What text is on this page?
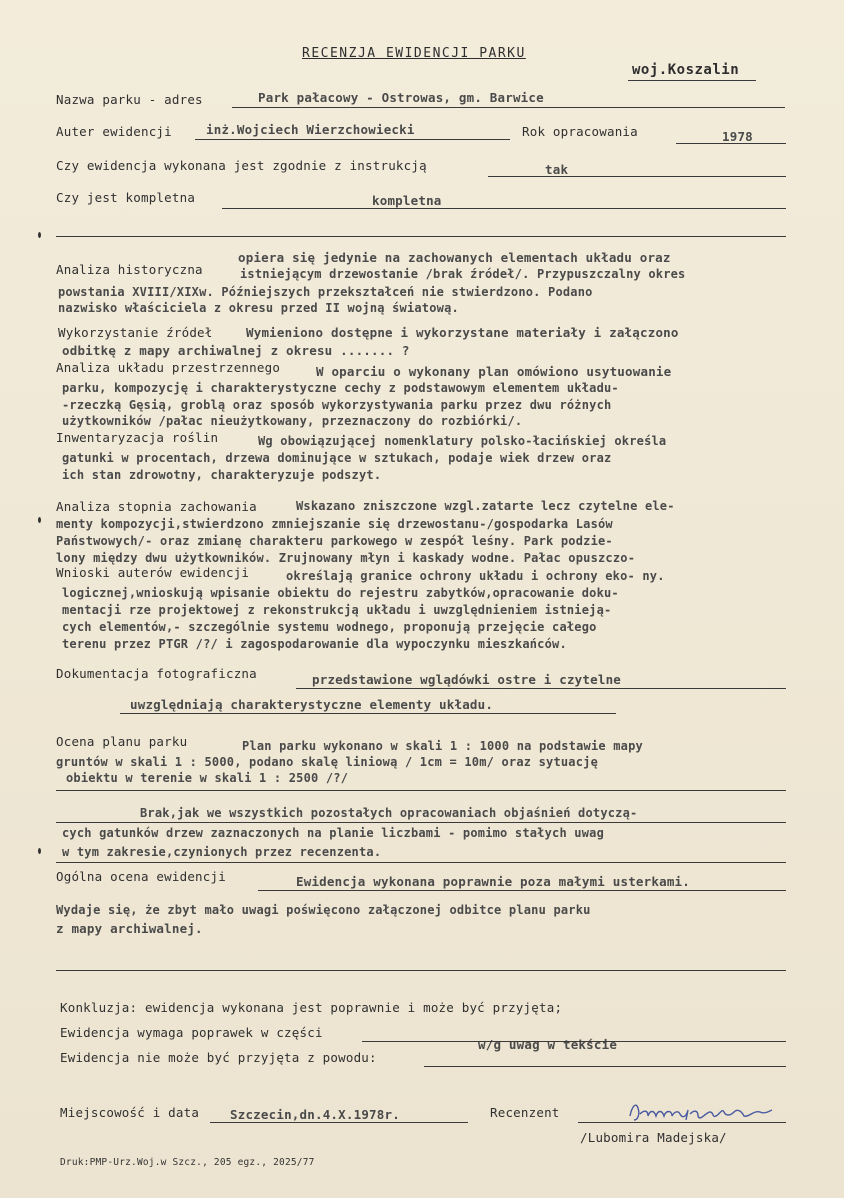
RECENZJA EWIDENCJI PARKU
woj.Koszalin
Nazwa parku - adres	Park pałacowy - Ostrowas, gm. Barwice
Auter ewidencji	inż.Wojciech Wierzchowiecki	Rok opracowania	1978
Czy ewidencja wykonana jest zgodnie z instrukcją	tak
Czy jest kompletna	kompletna
Analiza historyczna
opiera się jedynie na zachowanych elementach układu oraz
istniejącym drzewostanie /brak źródeł/. Przypuszczalny okres
powstania XVIII/XIXw. Późniejszych przekształceń nie stwierdzono. Podano
nazwisko właściciela z okresu przed II wojną światową.
Wykorzystanie źródeł	Wymieniono dostępne i wykorzystane materiały i załączono
odbitkę z mapy archiwalnej z okresu ....... ?
Analiza układu przestrzennego	W oparciu o wykonany plan omówiono usytuowanie
parku, kompozycję i charakterystyczne cechy z podstawowym elementem układu-
-rzeczką Gęsią, groblą oraz sposób wykorzystywania parku przez dwu różnych
użytkowników /pałac nieużytkowany, przeznaczony do rozbiórki/.
Inwentaryzacja roślin	Wg obowiązującej nomenklatury polsko-łacińskiej określa
gatunki w procentach, drzewa dominujące w sztukach, podaje wiek drzew oraz
ich stan zdrowotny, charakteryzuje podszyt.
Analiza stopnia zachowania	Wskazano zniszczone wzgl.zatarte lecz czytelne ele-
menty kompozycji,stwierdzono zmniejszanie się drzewostanu-/gospodarka Lasów
Państwowych/- oraz zmianę charakteru parkowego w zespół leśny. Park podzie-
lony między dwu użytkowników. Zrujnowany młyn i kaskady wodne. Pałac opuszczo-
Wnioski auterów ewidencji	określają granice ochrony układu i ochrony eko- ny.
logicznej,wnioskują wpisanie obiektu do rejestru zabytków,opracowanie doku-
mentacji rze projektowej z rekonstrukcją układu i uwzględnieniem istnieją-
cych elementów,- szczególnie systemu wodnego, proponują przejęcie całego
terenu przez PTGR /?/ i zagospodarowanie dla wypoczynku mieszkańców.
Dokumentacja fotograficzna	przedstawione wglądówki ostre i czytelne
uwzględniają charakterystyczne elementy układu.
Ocena planu parku	Plan parku wykonano w skali 1 : 1000 na podstawie mapy
gruntów w skali 1 : 5000, podano skalę liniową / 1cm = 10m/ oraz sytuację
obiektu w terenie w skali 1 : 2500 /?/
Brak,jak we wszystkich pozostałych opracowaniach objaśnień dotyczą-
cych gatunków drzew zaznaczonych na planie liczbami - pomimo stałych uwag
w tym zakresie,czynionych przez recenzenta.
Ogólna ocena ewidencji	Ewidencja wykonana poprawnie poza małymi usterkami.
Wydaje się, że zbyt mało uwagi poświęcono załączonej odbitce planu parku
z mapy archiwalnej.
Konkluzja: ewidencja wykonana jest poprawnie i może być przyjęta;
Ewidencja wymaga poprawek w części
w/g uwag w tekście
Ewidencja nie może być przyjęta z powodu:
Miejscowość i data Szczecin,dn.4.X.1978r.	Recenzent
/Lubomira Madejska/
Druk:PMP-Urz.Woj.w Szcz., 205 egz., 2025/77
